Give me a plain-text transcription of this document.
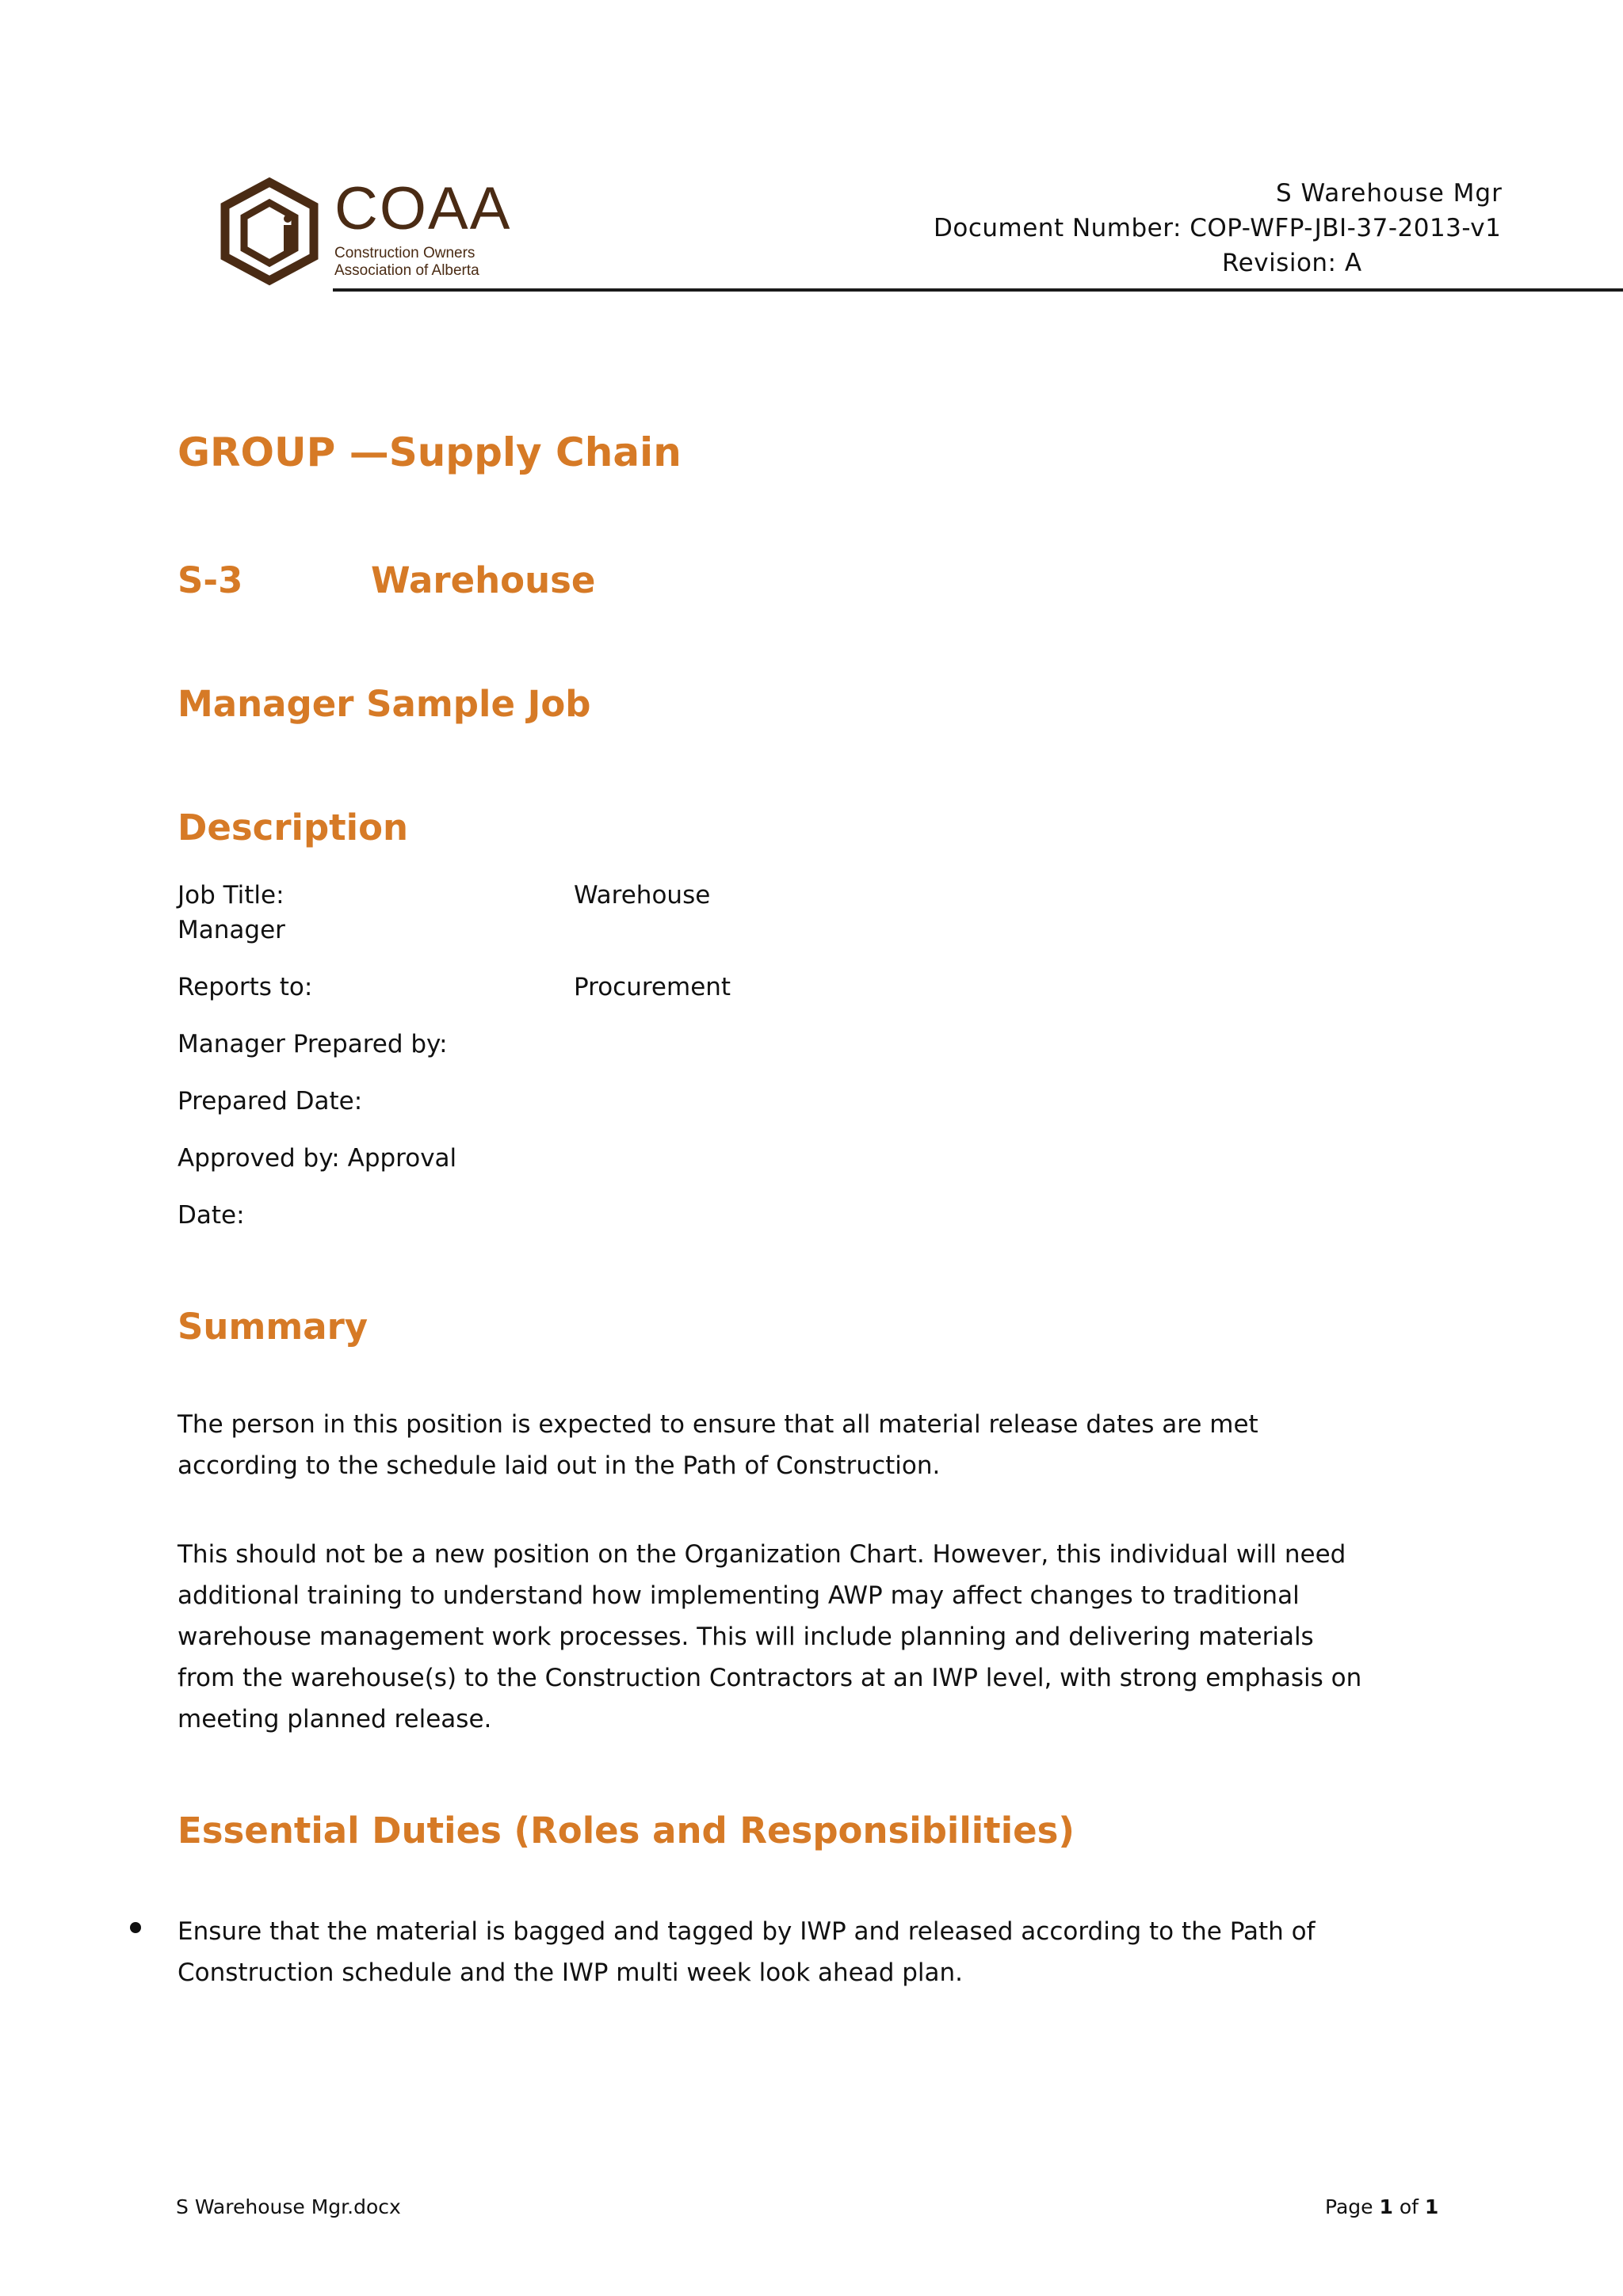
COAA
Construction Owners
Association of Alberta
S Warehouse Mgr
Document Number: COP-WFP-JBI-37-2013-v1
Revision: A
GROUP —Supply Chain
S-3	Warehouse
Manager Sample Job
Description
Job Title:	Warehouse
Manager
Reports to:	Procurement
Manager Prepared by:
Prepared Date:
Approved by: Approval
Date:
Summary
The person in this position is expected to ensure that all material release dates are met
according to the schedule laid out in the Path of Construction.
This should not be a new position on the Organization Chart. However, this individual will need
additional training to understand how implementing AWP may affect changes to traditional
warehouse management work processes. This will include planning and delivering materials
from the warehouse(s) to the Construction Contractors at an IWP level, with strong emphasis on
meeting planned release.
Essential Duties (Roles and Responsibilities)
Ensure that the material is bagged and tagged by IWP and released according to the Path of
Construction schedule and the IWP multi week look ahead plan.
S Warehouse Mgr.docx	Page 1 of 1
